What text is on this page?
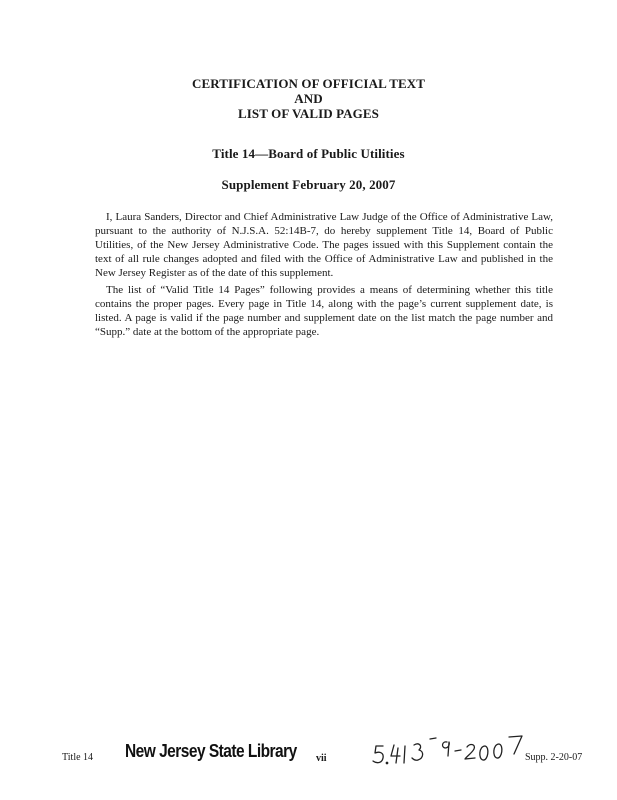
CERTIFICATION OF OFFICIAL TEXT
AND
LIST OF VALID PAGES
Title 14—Board of Public Utilities
Supplement February 20, 2007

I, Laura Sanders, Director and Chief Administrative Law Judge of the Office of Administrative Law, pursuant to the authority of N.J.S.A. 52:14B-7, do hereby supplement Title 14, Board of Public Utilities, of the New Jersey Administrative Code. The pages issued with this Supplement contain the text of all rule changes adopted and filed with the Office of Administrative Law and published in the New Jersey Register as of the date of this supplement.

The list of “Valid Title 14 Pages” following provides a means of determining whether this title contains the proper pages. Every page in Title 14, along with the page’s current supplement date, is listed. A page is valid if the page number and supplement date on the list match the page number and “Supp.” date at the bottom of the appropriate page.

Title 14 New Jersey State Library vii	Supp. 2-20-07
